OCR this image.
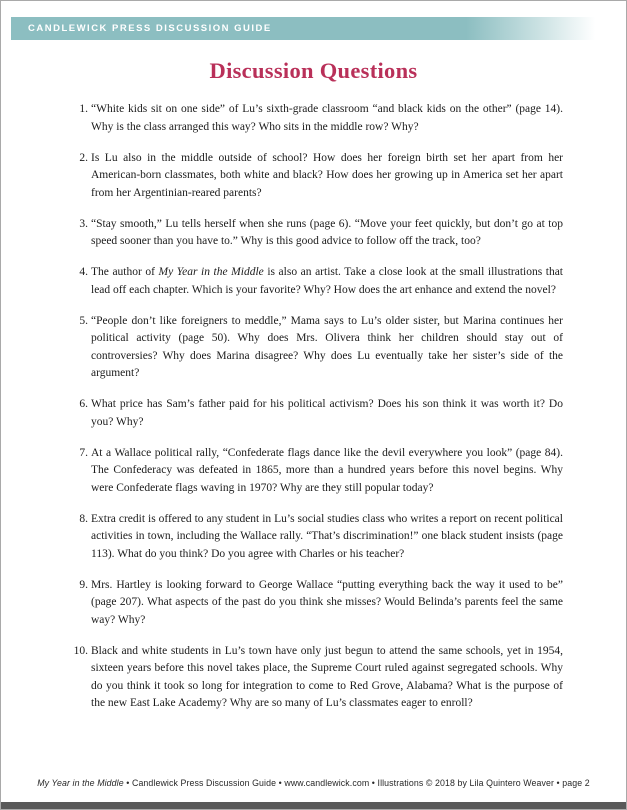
CANDLEWICK PRESS DISCUSSION GUIDE
Discussion Questions
1. “White kids sit on one side” of Lu’s sixth-grade classroom “and black kids on the other” (page 14). Why is the class arranged this way? Who sits in the middle row? Why?
2. Is Lu also in the middle outside of school? How does her foreign birth set her apart from her American-born classmates, both white and black? How does her growing up in America set her apart from her Argentinian-reared parents?
3. “Stay smooth,” Lu tells herself when she runs (page 6). “Move your feet quickly, but don’t go at top speed sooner than you have to.” Why is this good advice to follow off the track, too?
4. The author of My Year in the Middle is also an artist. Take a close look at the small illustrations that lead off each chapter. Which is your favorite? Why? How does the art enhance and extend the novel?
5. “People don’t like foreigners to meddle,” Mama says to Lu’s older sister, but Marina continues her political activity (page 50). Why does Mrs. Olivera think her children should stay out of controversies? Why does Marina disagree? Why does Lu eventually take her sister’s side of the argument?
6. What price has Sam’s father paid for his political activism? Does his son think it was worth it? Do you? Why?
7. At a Wallace political rally, “Confederate flags dance like the devil everywhere you look” (page 84). The Confederacy was defeated in 1865, more than a hundred years before this novel begins. Why were Confederate flags waving in 1970? Why are they still popular today?
8. Extra credit is offered to any student in Lu’s social studies class who writes a report on recent political activities in town, including the Wallace rally. “That’s discrimination!” one black student insists (page 113). What do you think? Do you agree with Charles or his teacher?
9. Mrs. Hartley is looking forward to George Wallace “putting everything back the way it used to be” (page 207). What aspects of the past do you think she misses? Would Belinda’s parents feel the same way? Why?
10. Black and white students in Lu’s town have only just begun to attend the same schools, yet in 1954, sixteen years before this novel takes place, the Supreme Court ruled against segregated schools. Why do you think it took so long for integration to come to Red Grove, Alabama? What is the purpose of the new East Lake Academy? Why are so many of Lu’s classmates eager to enroll?
My Year in the Middle • Candlewick Press Discussion Guide • www.candlewick.com • Illustrations © 2018 by Lila Quintero Weaver • page 2
